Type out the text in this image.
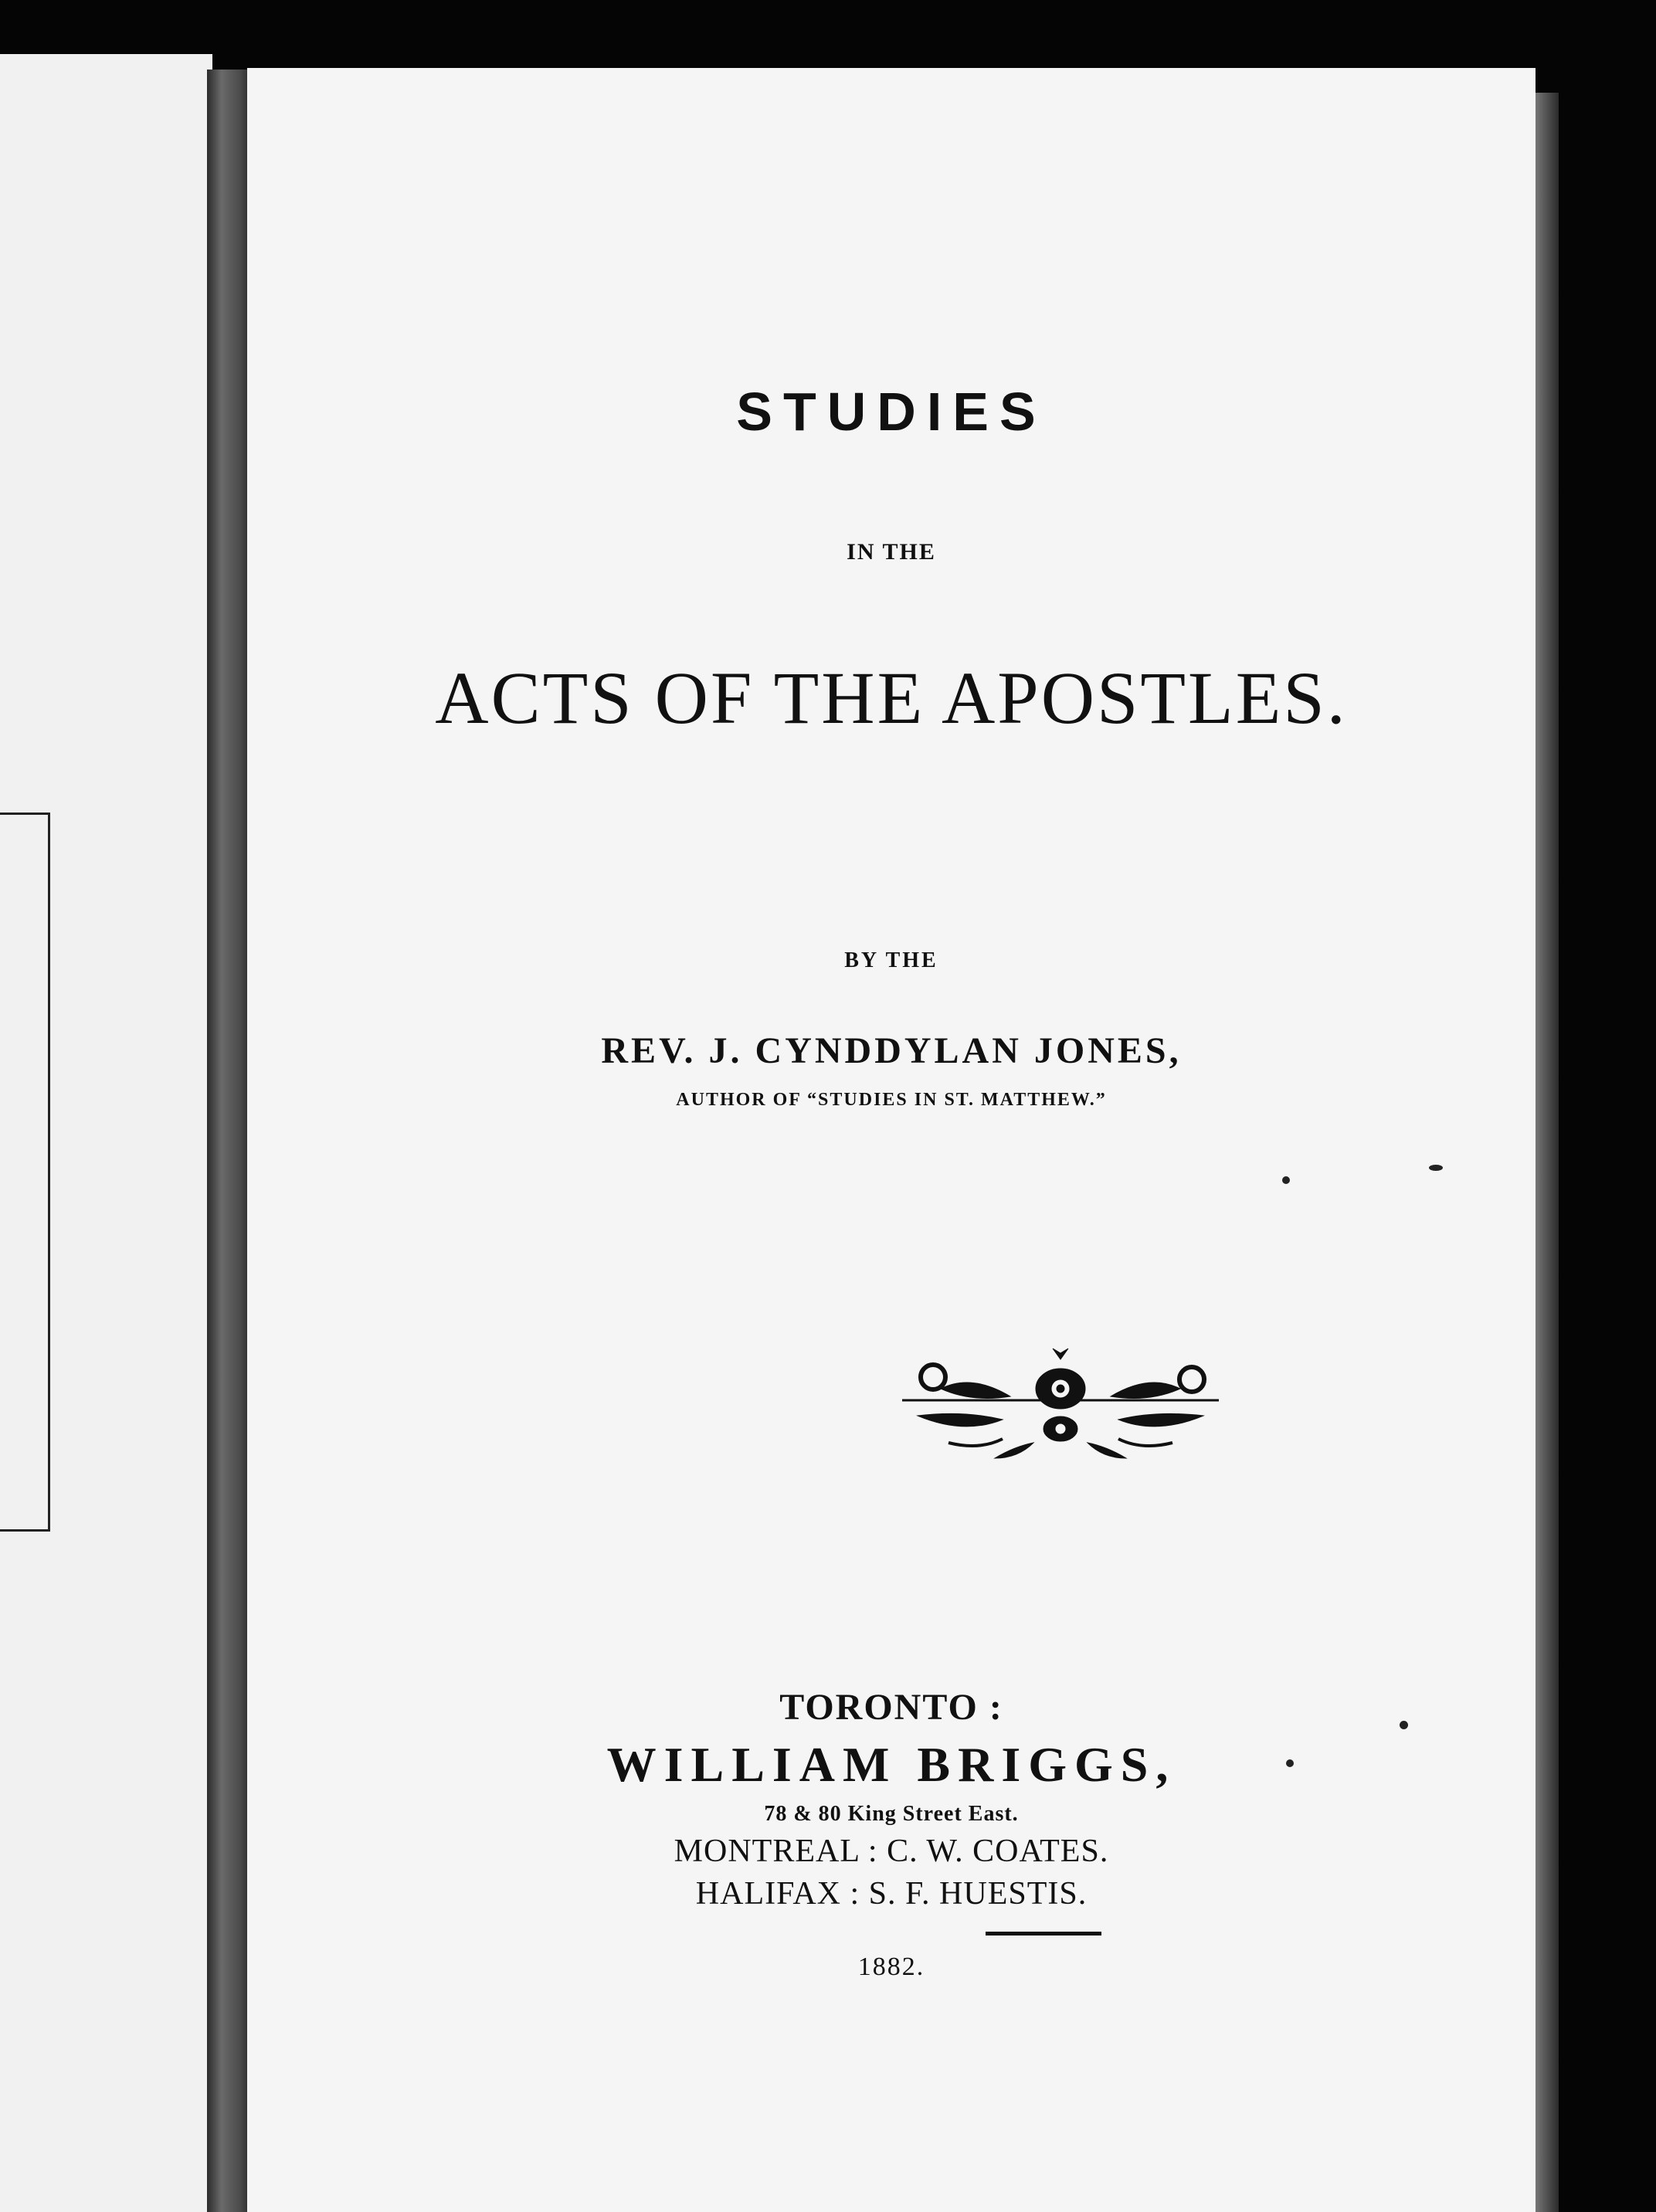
STUDIES
IN THE
ACTS OF THE APOSTLES.
BY THE
REV. J. CYNDDYLAN JONES,
AUTHOR OF “STUDIES IN ST. MATTHEW.”
TORONTO :
WILLIAM BRIGGS,
78 & 80 King Street East.
MONTREAL : C. W. COATES.
HALIFAX : S. F. HUESTIS.
1882.
